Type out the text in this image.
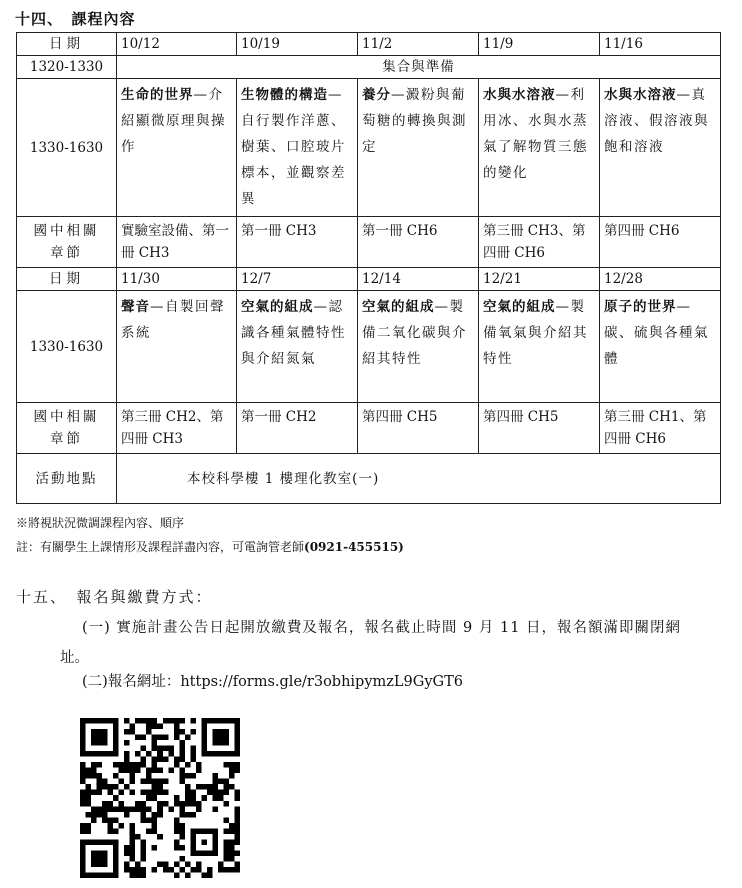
十四、　課程內容
日期	10/12	10/19	11/2	11/9	11/16
1320-1330	集合與準備				
1330-1630	生命的世界—介紹顯微原理與操作	生物體的構造—自行製作洋蔥、樹葉、口腔玻片標本，並觀察差異	養分—澱粉與葡萄糖的轉換與測定	水與水溶液—利用冰、水與水蒸氣了解物質三態的變化	水與水溶液—真溶液、假溶液與飽和溶液
國中相關章節	實驗室設備、第一冊 CH3	第一冊 CH3	第一冊 CH6	第三冊 CH3、第四冊 CH6	第四冊 CH6
日期	11/30	12/7	12/14	12/21	12/28
1330-1630	聲音—自製回聲系統	空氣的組成—認識各種氣體特性與介紹氮氣	空氣的組成—製備二氧化碳與介紹其特性	空氣的組成—製備氧氣與介紹其特性	原子的世界—碳、硫與各種氣體
國中相關章節	第三冊 CH2、第四冊 CH3	第一冊 CH2	第四冊 CH5	第四冊 CH5	第三冊 CH1、第四冊 CH6
活動地點	本校科學樓 1 樓理化教室(一)				
※將視狀況微調課程內容、順序
註：有關學生上課情形及課程詳盡內容，可電詢管老師(0921-455515)
十五、　報名與繳費方式：
(一) 實施計畫公告日起開放繳費及報名，報名截止時間 9 月 11 日，報名額滿即關閉網
址。
(二)報名網址：https://forms.gle/r3obhipymzL9GyGT6
